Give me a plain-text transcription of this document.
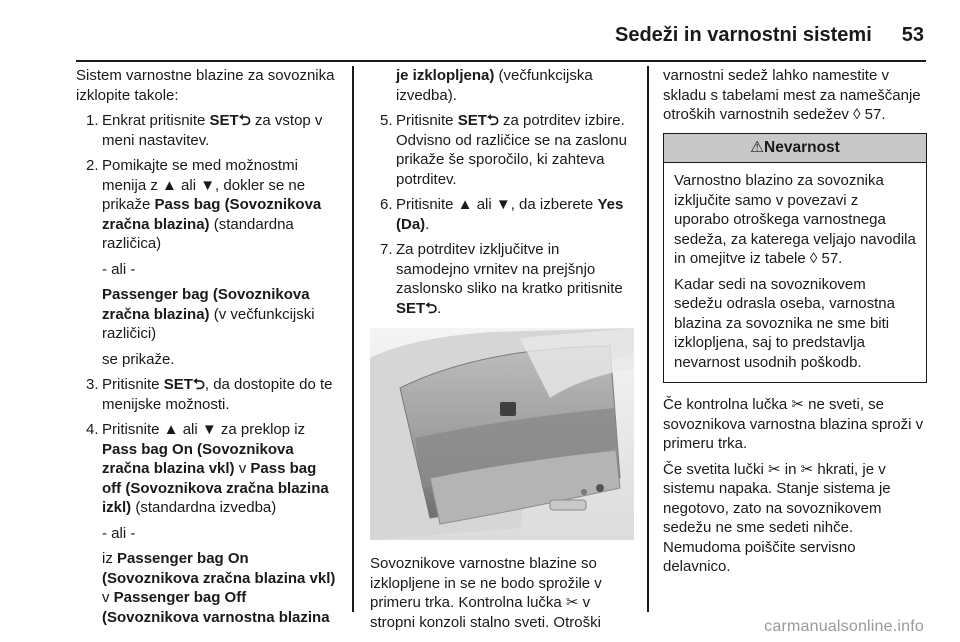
Sedeži in varnostni sistemi 53

Sistem varnostne blazine za sovoznika izklopite takole:

1. Enkrat pritisnite SET⮌ za vstop v meni nastavitev.
2. Pomikajte se med možnostmi menija z ▲ ali ▼, dokler se ne prikaže Pass bag (Sovoznikova zračna blazina) (standardna različica)

- ali -

Passenger bag (Sovoznikova zračna blazina) (v večfunkcijski različici)

se prikaže.

3. Pritisnite SET⮌, da dostopite do te menijske možnosti.
4. Pritisnite ▲ ali ▼ za preklop iz Pass bag On (Sovoznikova zračna blazina vkl) v Pass bag off (Sovoznikova zračna blazina izkl) (standardna izvedba)

- ali -

iz Passenger bag On (Sovoznikova zračna blazina vkl) v Passenger bag Off (Sovoznikova varnostna blazina

je izklopljena) (večfunkcijska izvedba).

5. Pritisnite SET⮌ za potrditev izbire. Odvisno od različice se na zaslonu prikaže še sporočilo, ki zahteva potrditev.
6. Pritisnite ▲ ali ▼, da izberete Yes (Da).
7. Za potrditev izključitve in samodejno vrnitev na prejšnjo zaslonsko sliko na kratko pritisnite SET⮌.

Sovoznikove varnostne blazine so izklopljene in se ne bodo sprožile v primeru trka. Kontrolna lučka ✂ v stropni konzoli stalno sveti. Otroški

varnostni sedež lahko namestite v skladu s tabelami mest za nameščanje otroških varnostnih sedežev ◊ 57.

⚠Nevarnost

Varnostno blazino za sovoznika izključite samo v povezavi z uporabo otroškega varnostnega sedeža, za katerega veljajo navodila in omejitve iz tabele ◊ 57.

Kadar sedi na sovoznikovem sedežu odrasla oseba, varnostna blazina za sovoznika ne sme biti izklopljena, saj to predstavlja nevarnost usodnih poškodb.

Če kontrolna lučka ✂ ne sveti, se sovoznikova varnostna blazina sproži v primeru trka.

Če svetita lučki ✂ in ✂ hkrati, je v sistemu napaka. Stanje sistema je negotovo, zato na sovoznikovem sedežu ne sme sedeti nihče. Nemudoma poiščite servisno delavnico.

carmanualsonline.info
